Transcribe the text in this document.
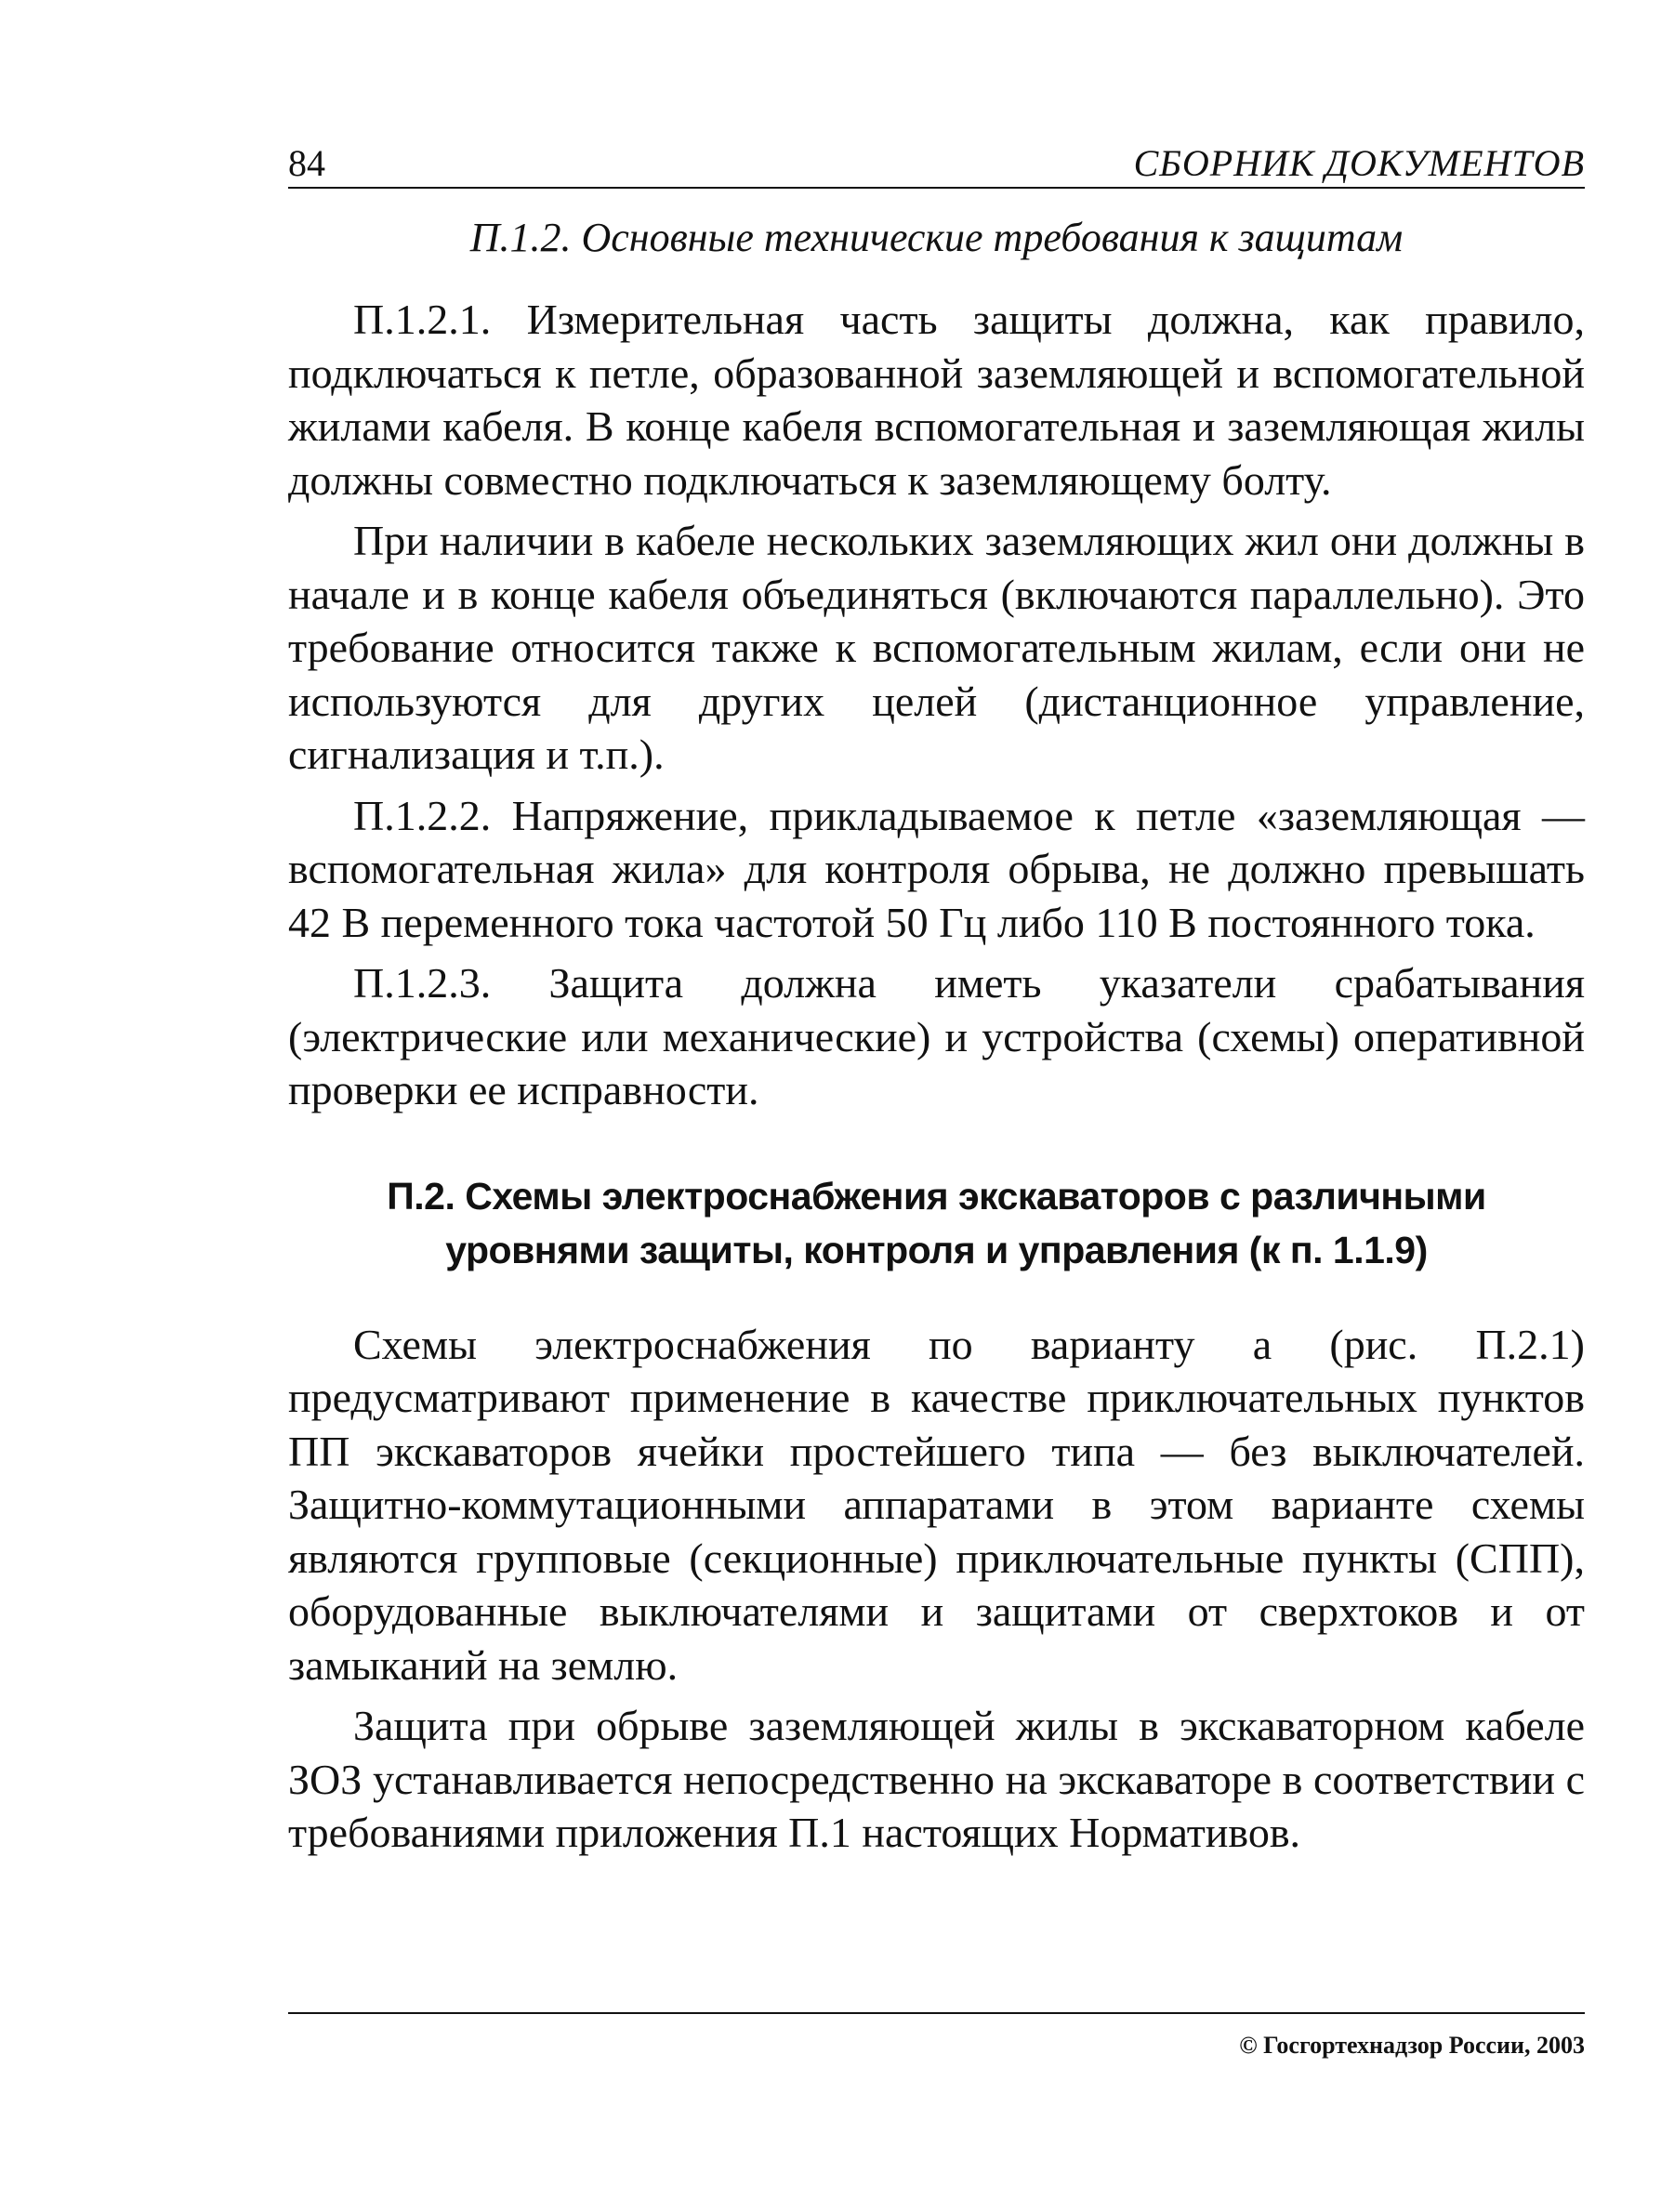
84	СБОРНИК ДОКУМЕНТОВ
П.1.2. Основные технические требования к защитам

П.1.2.1. Измерительная часть защиты должна, как правило, подключаться к петле, образованной заземляющей и вспомогательной жилами кабеля. В конце кабеля вспомогательная и заземляющая жилы должны совместно подключаться к заземляющему болту.

При наличии в кабеле нескольких заземляющих жил они должны в начале и в конце кабеля объединяться (включаются параллельно). Это требование относится также к вспомогательным жилам, если они не используются для других целей (дистанционное управление, сигнализация и т.п.).

П.1.2.2. Напряжение, прикладываемое к петле «заземляющая — вспомогательная жила» для контроля обрыва, не должно превышать 42 В переменного тока частотой 50 Гц либо 110 В постоянного тока.

П.1.2.3. Защита должна иметь указатели срабатывания (электрические или механические) и устройства (схемы) оперативной проверки ее исправности.

П.2. Схемы электроснабжения экскаваторов с различными
уровнями защиты, контроля и управления (к п. 1.1.9)

Схемы электроснабжения по варианту а (рис. П.2.1) предусматривают применение в качестве приключательных пунктов ПП экскаваторов ячейки простейшего типа — без выключателей. Защитно-коммутационными аппаратами в этом варианте схемы являются групповые (секционные) приключательные пункты (СПП), оборудованные выключателями и защитами от сверхтоков и от замыканий на землю.

Защита при обрыве заземляющей жилы в экскаваторном кабеле ЗОЗ устанавливается непосредственно на экскаваторе в соответствии с требованиями приложения П.1 настоящих Нормативов.

© Госгортехнадзор России, 2003
